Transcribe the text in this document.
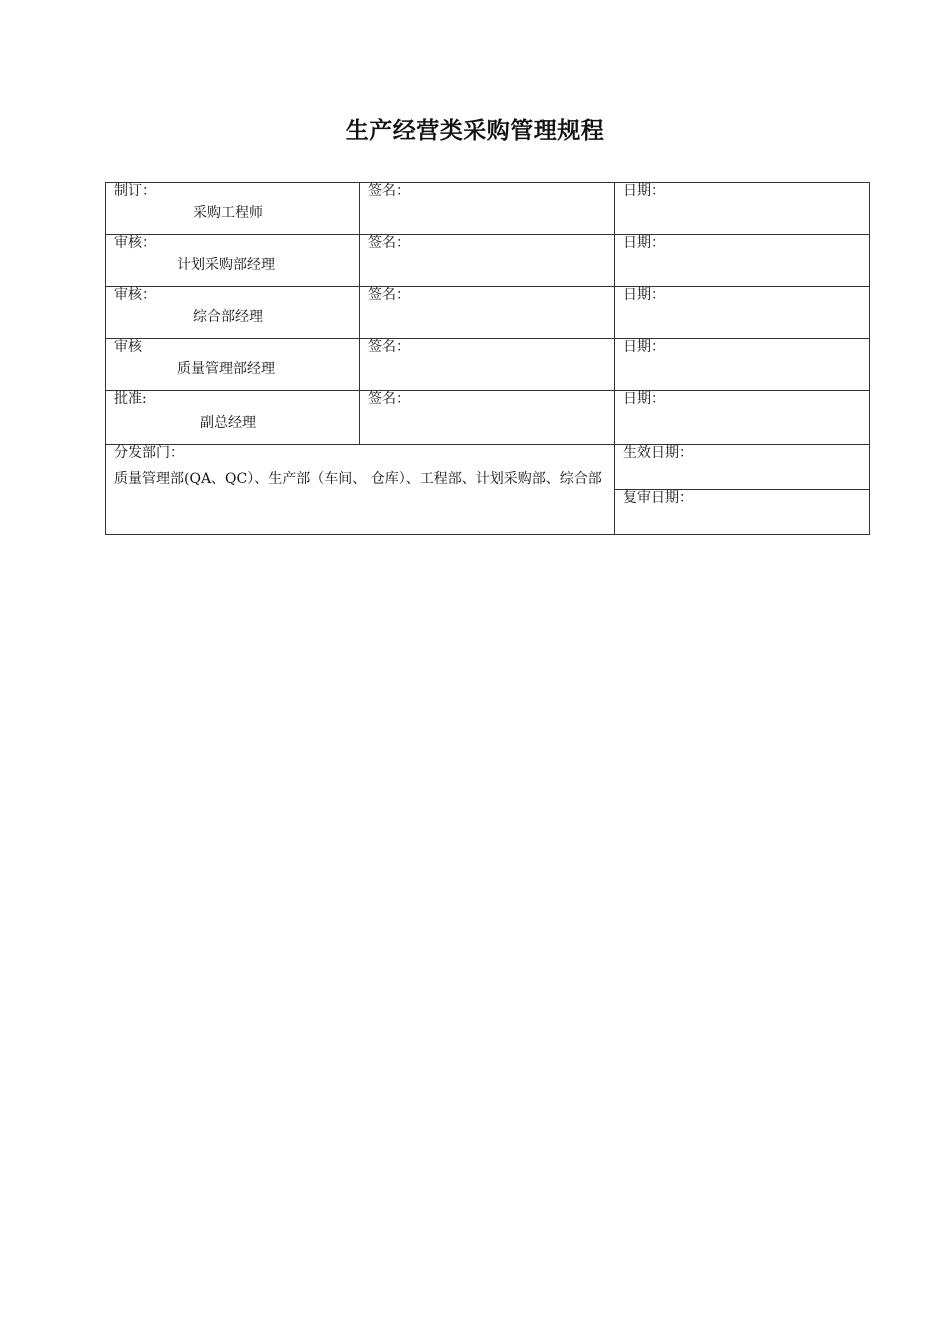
生产经营类采购管理规程
制订：
采购工程师	签名：	日期：

审核：
计划采购部经理	签名：	日期：

审核：
综合部经理	签名：	日期：

审核
质量管理部经理	签名：	日期：

批准:
副总经理	签名：	日期：

分发部门：
质量管理部(QA、QC）、生产部（车间、 仓库）、工程部、计划采购部、综合部		生效日期：

		复审日期：
